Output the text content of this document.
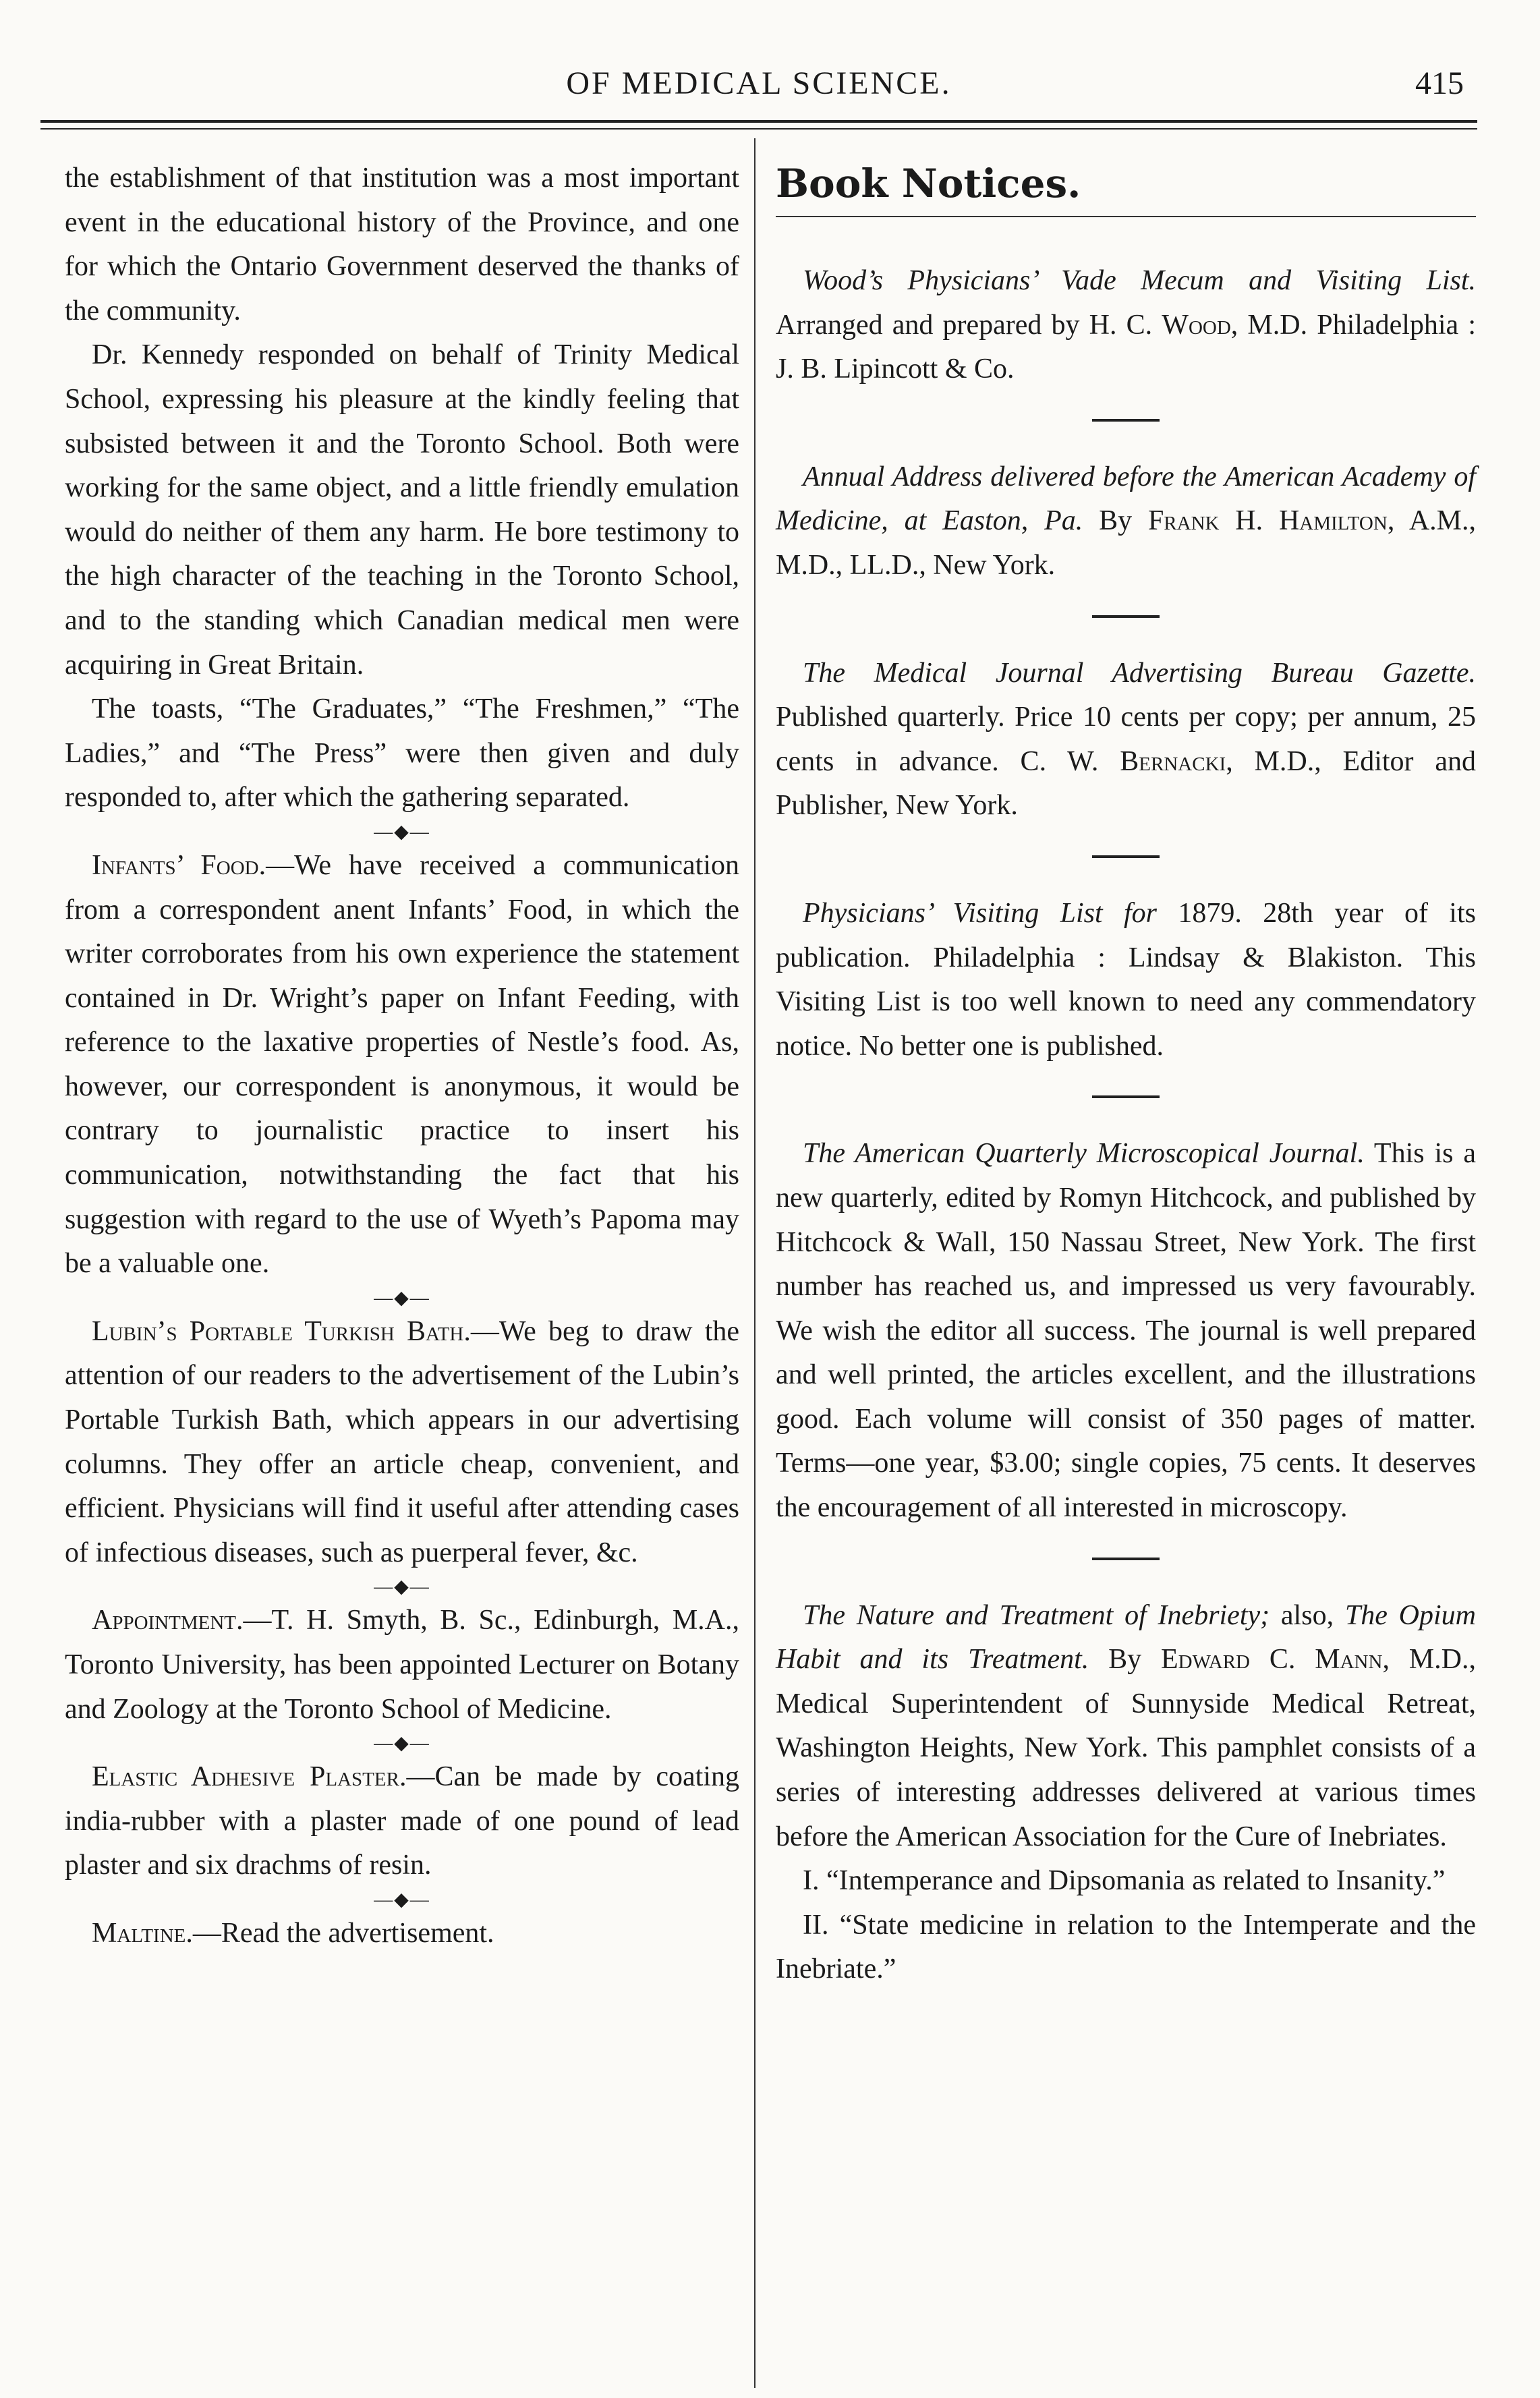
OF MEDICAL SCIENCE.	415

the establishment of that institution was a most important event in the educational history of the Province, and one for which the Ontario Government deserved the thanks of the community.

Dr. Kennedy responded on behalf of Trinity Medical School, expressing his pleasure at the kindly feeling that subsisted between it and the Toronto School. Both were working for the same object, and a little friendly emulation would do neither of them any harm. He bore testimony to the high character of the teaching in the Toronto School, and to the standing which Canadian medical men were acquiring in Great Britain.

The toasts, “The Graduates,” “The Freshmen,” “The Ladies,” and “The Press” were then given and duly responded to, after which the gathering separated.

—◆—

Infants’ Food.—We have received a communication from a correspondent anent Infants’ Food, in which the writer corroborates from his own experience the statement contained in Dr. Wright’s paper on Infant Feeding, with reference to the laxative properties of Nestle’s food. As, however, our correspondent is anonymous, it would be contrary to journalistic practice to insert his communication, notwithstanding the fact that his suggestion with regard to the use of Wyeth’s Papoma may be a valuable one.

—◆—

Lubin’s Portable Turkish Bath.—We beg to draw the attention of our readers to the advertisement of the Lubin’s Portable Turkish Bath, which appears in our advertising columns. They offer an article cheap, convenient, and efficient. Physicians will find it useful after attending cases of infectious diseases, such as puerperal fever, &c.

—◆—

Appointment.—T. H. Smyth, B. Sc., Edinburgh, M.A., Toronto University, has been appointed Lecturer on Botany and Zoology at the Toronto School of Medicine.

—◆—

Elastic Adhesive Plaster.—Can be made by coating india-rubber with a plaster made of one pound of lead plaster and six drachms of resin.

—◆—

Maltine.—Read the advertisement.

Book Notices.

Wood’s Physicians’ Vade Mecum and Visiting List. Arranged and prepared by H. C. Wood, M.D. Philadelphia : J. B. Lipincott & Co.

Annual Address delivered before the American Academy of Medicine, at Easton, Pa. By Frank H. Hamilton, A.M., M.D., LL.D., New York.

The Medical Journal Advertising Bureau Gazette. Published quarterly. Price 10 cents per copy; per annum, 25 cents in advance. C. W. Bernacki, M.D., Editor and Publisher, New York.

Physicians’ Visiting List for 1879. 28th year of its publication. Philadelphia : Lindsay & Blakiston. This Visiting List is too well known to need any commendatory notice. No better one is published.

The American Quarterly Microscopical Journal. This is a new quarterly, edited by Romyn Hitchcock, and published by Hitchcock & Wall, 150 Nassau Street, New York. The first number has reached us, and impressed us very favourably. We wish the editor all success. The journal is well prepared and well printed, the articles excellent, and the illustrations good. Each volume will consist of 350 pages of matter. Terms—one year, $3.00; single copies, 75 cents. It deserves the encouragement of all interested in microscopy.

The Nature and Treatment of Inebriety; also, The Opium Habit and its Treatment. By Edward C. Mann, M.D., Medical Superintendent of Sunnyside Medical Retreat, Washington Heights, New York. This pamphlet consists of a series of interesting addresses delivered at various times before the American Association for the Cure of Inebriates.

I. “Intemperance and Dipsomania as related to Insanity.”

II. “State medicine in relation to the Intemperate and the Inebriate.”
